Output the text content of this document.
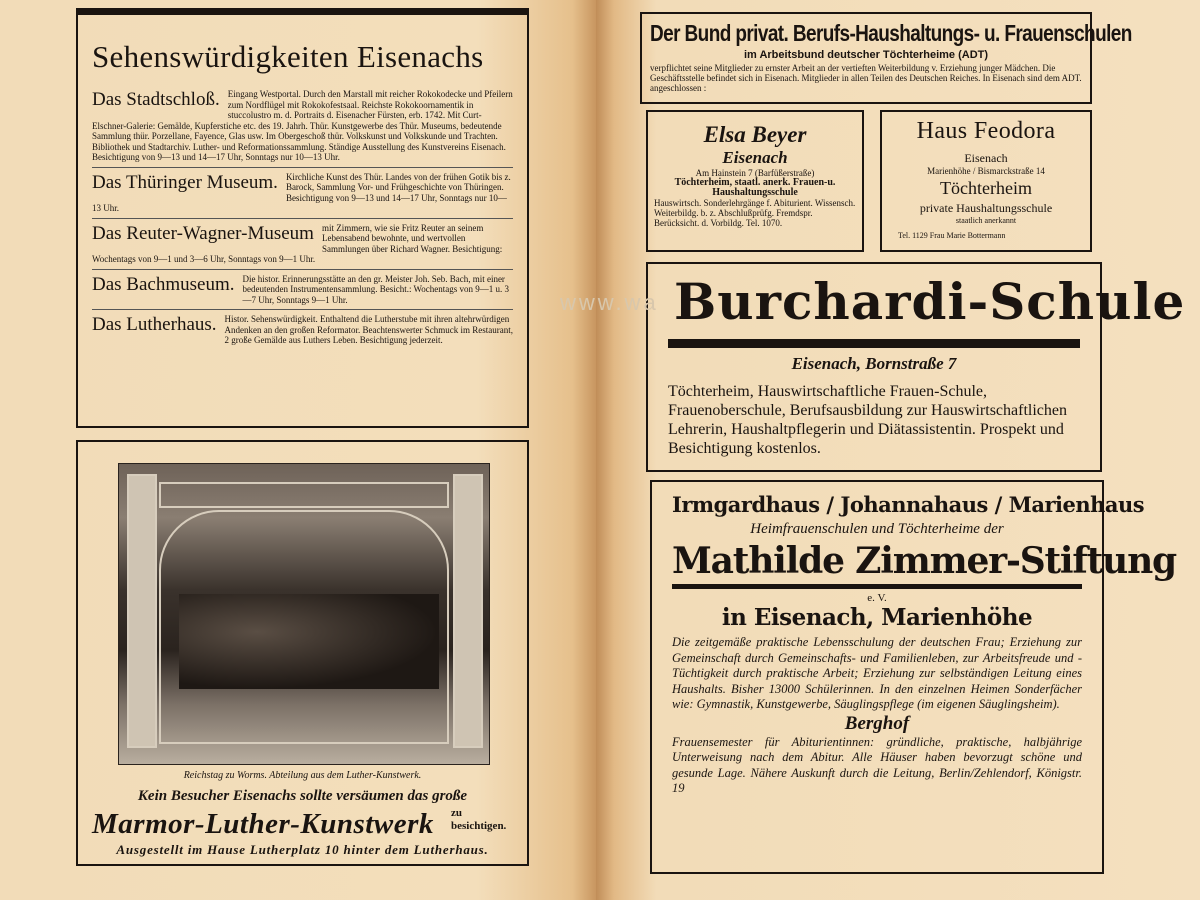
Sehenswürdigkeiten Eisenachs

Das Stadtschloß. Eingang Westportal. Durch den Marstall mit reicher Rokokodecke und Pfeilern zum Nordflügel mit Rokokofestsaal. Reichste Rokokoornamentik in stuccolustro m. d. Portraits d. Eisenacher Fürsten, erb. 1742. Mit Curt-Elschner-Galerie: Gemälde, Kupferstiche etc. des 19. Jahrh. Thür. Kunstgewerbe des Thür. Museums, bedeutende Sammlung thür. Porzellane, Fayence, Glas usw. Im Obergeschoß thür. Volkskunst und Volkskunde und Trachten. Bibliothek und Stadtarchiv. Luther- und Reformationssammlung. Ständige Ausstellung des Kunstvereins Eisenach. Besichtigung von 9—13 und 14—17 Uhr, Sonntags nur 10—13 Uhr.
Das Thüringer Museum. Kirchliche Kunst des Thür. Landes von der frühen Gotik bis z. Barock, Sammlung Vor- und Frühgeschichte von Thüringen. Besichtigung von 9—13 und 14—17 Uhr, Sonntags nur 10—13 Uhr.
Das Reuter-Wagner-Museum mit Zimmern, wie sie Fritz Reuter an seinem Lebensabend bewohnte, und wertvollen Sammlungen über Richard Wagner. Besichtigung: Wochentags von 9—1 und 3—6 Uhr, Sonntags von 9—1 Uhr.
Das Bachmuseum. Die histor. Erinnerungsstätte an den gr. Meister Joh. Seb. Bach, mit einer bedeutenden Instrumentensammlung. Besicht.: Wochentags von 9—1 u. 3—7 Uhr, Sonntags 9—1 Uhr.
Das Lutherhaus. Histor. Sehenswürdigkeit. Enthaltend die Lutherstube mit ihren altehrwürdigen Andenken an den großen Reformator. Beachtenswerter Schmuck im Restaurant, 2 große Gemälde aus Luthers Leben. Besichtigung jederzeit.

Reichstag zu Worms. Abteilung aus dem Luther-Kunstwerk.

Kein Besucher Eisenachs sollte versäumen das große

Marmor-Luther-Kunstwerk	zu besichtigen.

Ausgestellt im Hause Lutherplatz 10 hinter dem Lutherhaus.

Der Bund privat. Berufs-Haushaltungs- u. Frauenschulen

im Arbeitsbund deutscher Töchterheime (ADT)

verpflichtet seine Mitglieder zu ernster Arbeit an der vertieften Weiterbildung v. Erziehung junger Mädchen. Die Geschäftsstelle befindet sich in Eisenach. Mitglieder in allen Teilen des Deutschen Reiches. In Eisenach sind dem ADT. angeschlossen :

Elsa Beyer

Eisenach

Am Hainstein 7 (Barfüßerstraße)

Töchterheim, staatl. anerk. Frauen-u. Haushaltungsschule

Hauswirtsch. Sonderlehrgänge f. Abiturient. Wissensch. Weiterbildg. b. z. Abschlußprüfg. Fremdspr. Berücksicht. d. Vorbildg. Tel. 1070.

Haus Feodora

Eisenach

Marienhöhe / Bismarckstraße 14

Töchterheim

private Haushaltungsschule

staatlich anerkannt

Tel. 1129 Frau Marie Bottermann

Burchardi-Schule

Eisenach, Bornstraße 7

Töchterheim, Hauswirtschaftliche Frauen-Schule, Frauenoberschule, Berufsausbildung zur Hauswirtschaftlichen Lehrerin, Haushaltpflegerin und Diätassistentin. Prospekt und Besichtigung kostenlos.

Irmgardhaus / Johannahaus / Marienhaus

Heimfrauenschulen und Töchterheime der

Mathilde Zimmer-Stiftung

e. V.

in Eisenach, Marienhöhe

Die zeitgemäße praktische Lebensschulung der deutschen Frau; Erziehung zur Gemeinschaft durch Gemeinschafts- und Familienleben, zur Arbeitsfreude und -Tüchtigkeit durch praktische Arbeit; Erziehung zur selbständigen Leitung eines Haushalts. Bisher 13000 Schülerinnen. In den einzelnen Heimen Sonderfächer wie: Gymnastik, Kunstgewerbe, Säuglingspflege (im eigenen Säuglingsheim).

Berghof

Frauensemester für Abiturientinnen: gründliche, praktische, halbjährige Unterweisung nach dem Abitur. Alle Häuser haben bevorzugt schöne und gesunde Lage. Nähere Auskunft durch die Leitung, Berlin/Zehlendorf, Königstr. 19

www.wa
